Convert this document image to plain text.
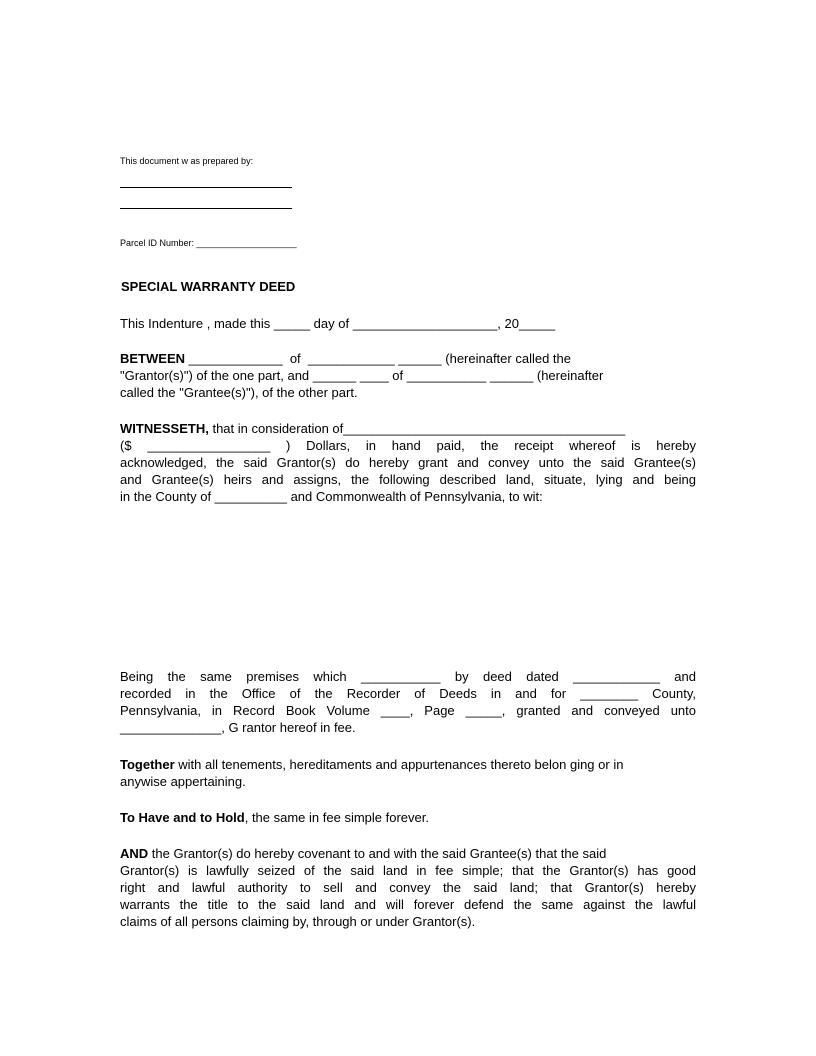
This document w as prepared by:
Parcel ID Number: ____________________
SPECIAL WARRANTY DEED
This Indenture , made this _____ day of ____________________, 20_____
BETWEEN _____________  of  ____________ ______ (hereinafter called the
"Grantor(s)") of the one part, and ______ ____ of ___________ ______ (hereinafter
called the "Grantee(s)"), of the other part.
WITNESSETH, that in consideration of_______________________________________
($ _________________ ) Dollars, in hand paid, the receipt whereof is hereby
acknowledged, the said Grantor(s) do hereby grant and convey unto the said Grantee(s)
and Grantee(s) heirs and assigns, the following described land, situate, lying and being
in the County of __________ and Commonwealth of Pennsylvania, to wit:
Being the same premises which ___________ by deed dated ____________ and
recorded in the Office of the Recorder of Deeds in and for ________ County,
Pennsylvania, in Record Book Volume ____, Page _____, granted and conveyed unto
______________, G rantor hereof in fee.
Together with all tenements, hereditaments and appurtenances thereto belon ging or in
anywise appertaining.
To Have and to Hold, the same in fee simple forever.
AND the Grantor(s) do hereby covenant to and with the said Grantee(s) that the said
Grantor(s) is lawfully seized of the said land in fee simple; that the Grantor(s) has good
right and lawful authority to sell and convey the said land; that Grantor(s) hereby
warrants the title to the said land and will forever defend the same against the lawful
claims of all persons claiming by, through or under Grantor(s).
